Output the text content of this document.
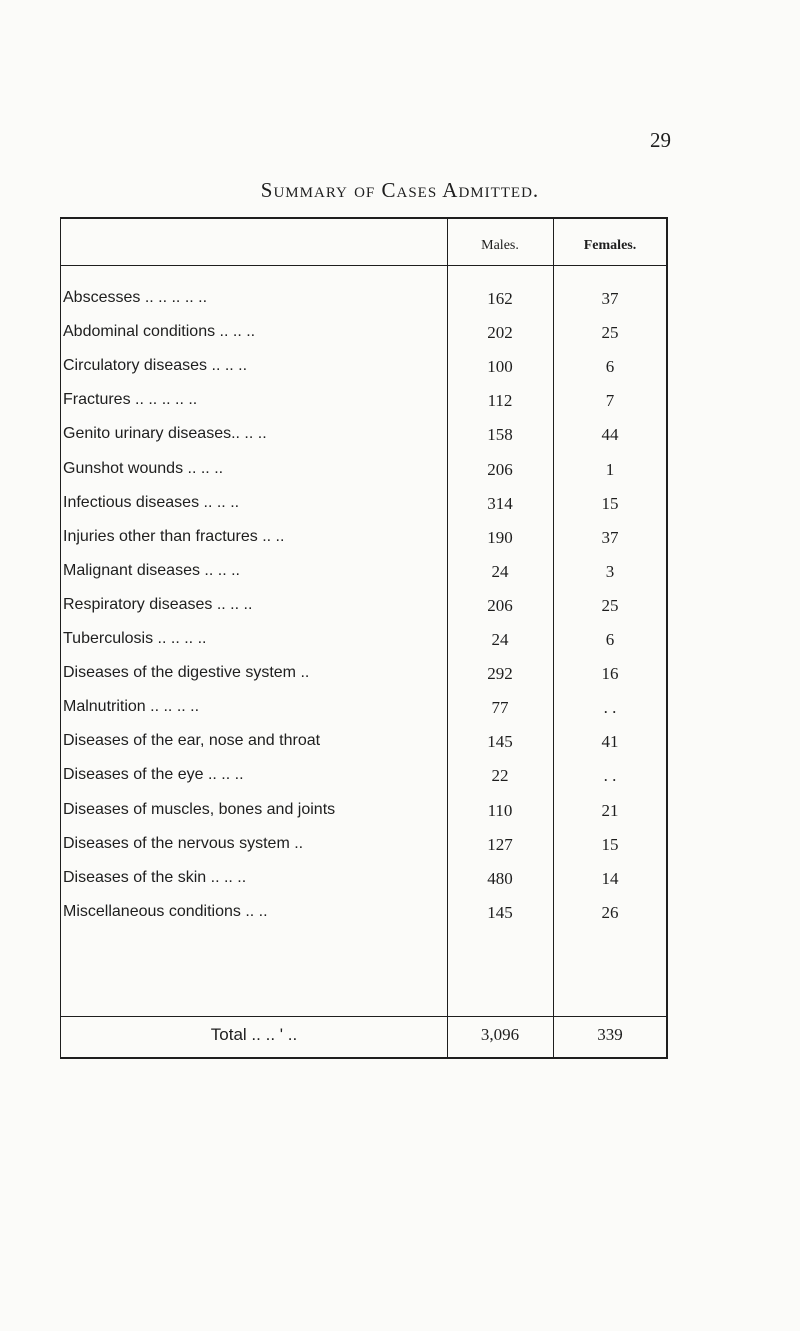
29
Summary of Cases Admitted.
Males.	Females.
Abscesses .. .. .. .. ..	162	37
Abdominal conditions .. .. ..	202	25
Circulatory diseases .. .. ..	100	6
Fractures .. .. .. .. ..	112	7
Genito urinary diseases.. .. ..	158	44
Gunshot wounds .. .. ..	206	1
Infectious diseases .. .. ..	314	15
Injuries other than fractures .. ..	190	37
Malignant diseases .. .. ..	24	3
Respiratory diseases .. .. ..	206	25
Tuberculosis .. .. .. ..	24	6
Diseases of the digestive system ..	292	16
Malnutrition .. .. .. ..	77	. .
Diseases of the ear, nose and throat	145	41
Diseases of the eye .. .. ..	22	. .
Diseases of muscles, bones and joints	110	21
Diseases of the nervous system ..	127	15
Diseases of the skin .. .. ..	480	14
Miscellaneous conditions .. ..	145	26
Total .. .. ' ..	3,096	339
